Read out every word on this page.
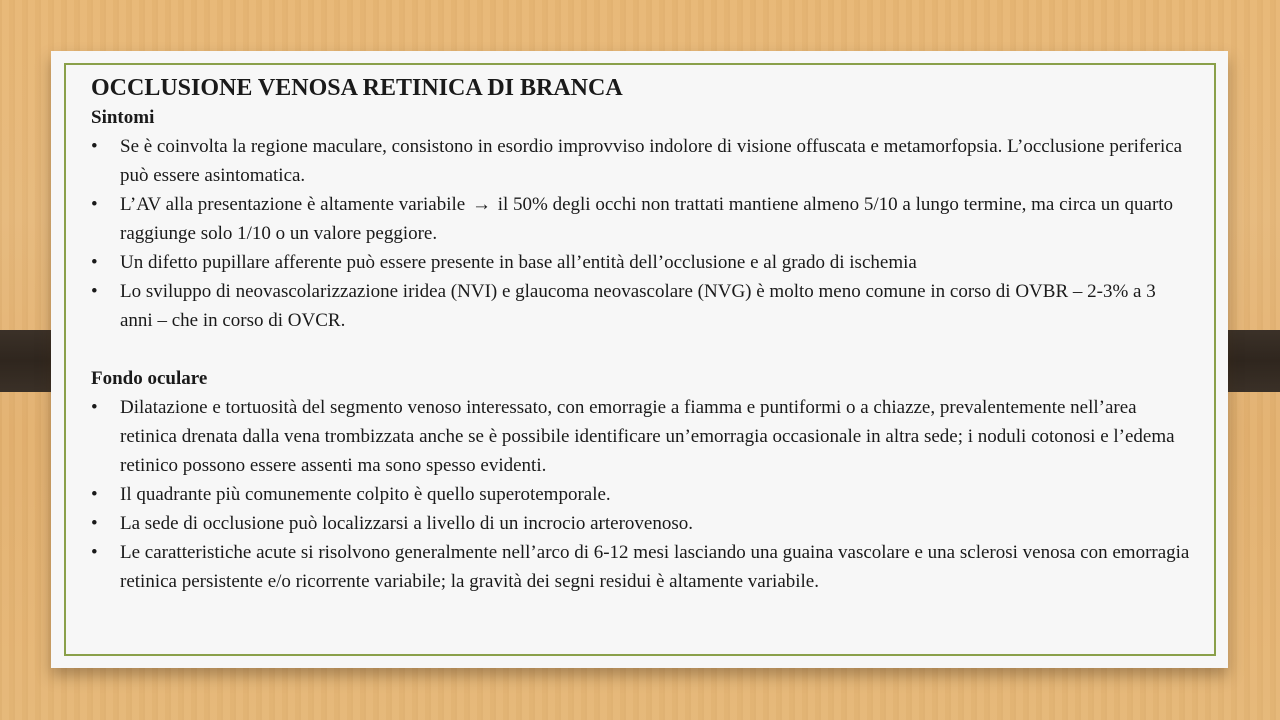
OCCLUSIONE VENOSA RETINICA DI BRANCA

Sintomi

• Se è coinvolta la regione maculare, consistono in esordio improvviso indolore di visione offuscata e metamorfopsia. L’occlusione periferica può essere asintomatica.
• L’AV alla presentazione è altamente variabile → il 50% degli occhi non trattati mantiene almeno 5/10 a lungo termine, ma circa un quarto raggiunge solo 1/10 o un valore peggiore.
• Un difetto pupillare afferente può essere presente in base all’entità dell’occlusione e al grado di ischemia
• Lo sviluppo di neovascolarizzazione iridea (NVI) e glaucoma neovascolare (NVG) è molto meno comune in corso di OVBR – 2-3% a 3 anni – che in corso di OVCR.

Fondo oculare

• Dilatazione e tortuosità del segmento venoso interessato, con emorragie a fiamma e puntiformi o a chiazze, prevalentemente nell’area retinica drenata dalla vena trombizzata anche se è possibile identificare un’emorragia occasionale in altra sede; i noduli cotonosi e l’edema retinico possono essere assenti ma sono spesso evidenti.
• Il quadrante più comunemente colpito è quello superotemporale.
• La sede di occlusione può localizzarsi a livello di un incrocio arterovenoso.
• Le caratteristiche acute si risolvono generalmente nell’arco di 6-12 mesi lasciando una guaina vascolare e una sclerosi venosa con emorragia retinica persistente e/o ricorrente variabile; la gravità dei segni residui è altamente variabile.
